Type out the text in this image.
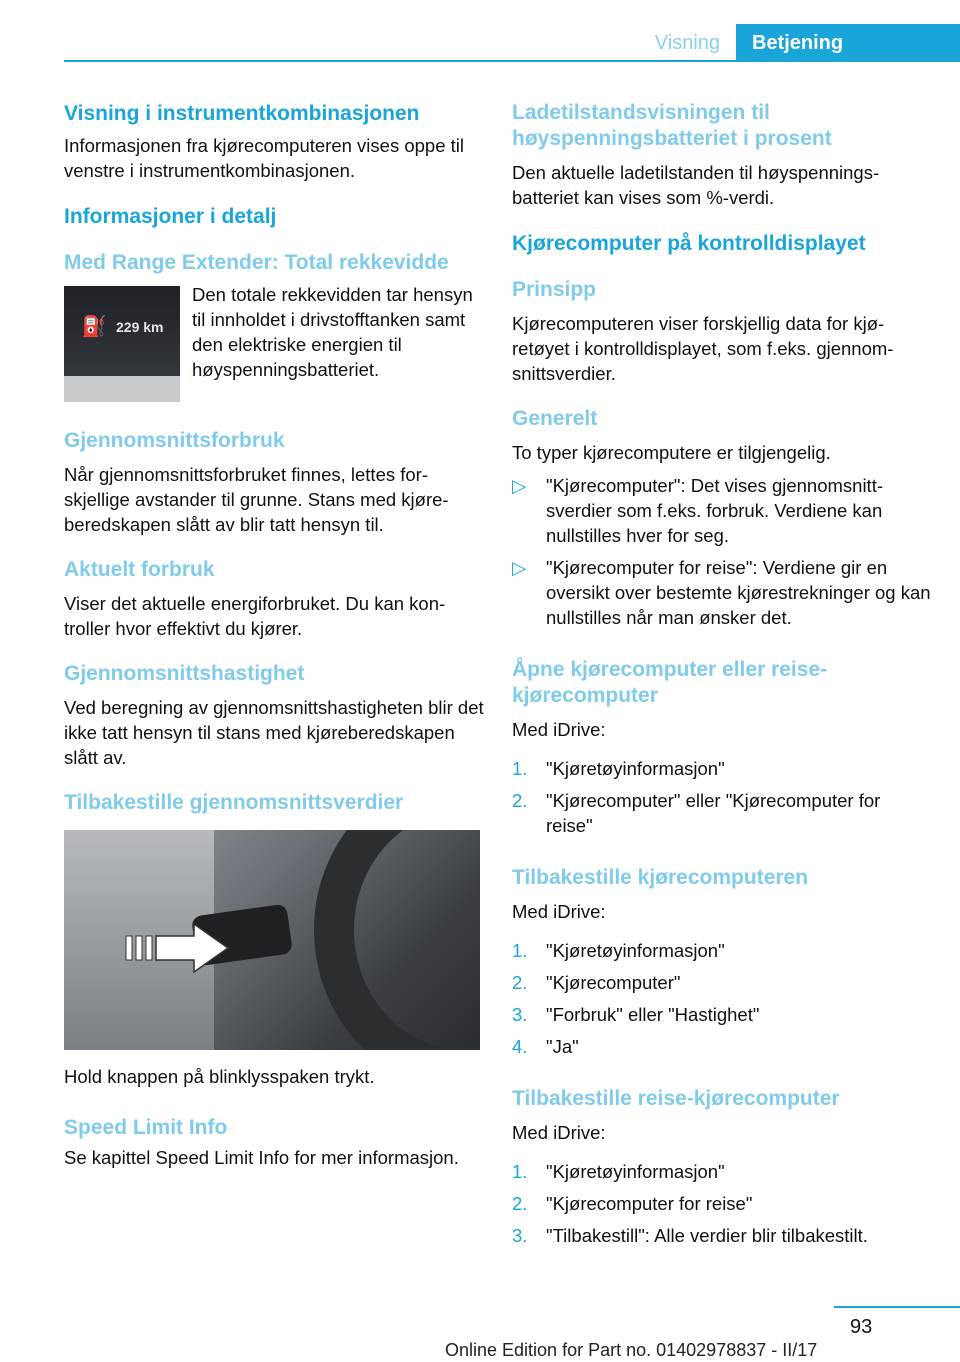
Visning	Betjening
Visning i instrumentkombinasjonen

Informasjonen fra kjørecomputeren vises oppe til venstre i instrumentkombinasjonen.

Informasjoner i detalj
Med Range Extender: Total rekkevidde
⛽ 229 km

Den totale rekkevidden tar hensyn til innholdet i drivstofftanken samt den elektriske energien til høyspenningsbatteriet.

Gjennomsnittsforbruk

Når gjennomsnittsforbruket finnes, lettes forskjellige avstander til grunne. Stans med kjøreberedskapen slått av blir tatt hensyn til.

Aktuelt forbruk

Viser det aktuelle energiforbruket. Du kan kontroller hvor effektivt du kjører.

Gjennomsnittshastighet

Ved beregning av gjennomsnittshastigheten blir det ikke tatt hensyn til stans med kjøreberedskapen slått av.

Tilbakestille gjennomsnittsverdier

Hold knappen på blinklysspaken trykt.

Speed Limit Info

Se kapittel Speed Limit Info for mer informasjon.

Ladetilstandsvisningen til høyspenningsbatteriet i prosent

Den aktuelle ladetilstanden til høyspenningsbatteriet kan vises som %-verdi.

Kjørecomputer på kontrolldisplayet
Prinsipp

Kjørecomputeren viser forskjellig data for kjøretøyet i kontrolldisplayet, som f.eks. gjennomsnittsverdier.

Generelt

To typer kjørecomputere er tilgjengelig.

▷ "Kjørecomputer": Det vises gjennomsnittsverdier som f.eks. forbruk. Verdiene kan nullstilles hver for seg.
▷ "Kjørecomputer for reise": Verdiene gir en oversikt over bestemte kjørestrekninger og kan nullstilles når man ønsker det.
Åpne kjørecomputer eller reise-kjørecomputer

Med iDrive:

1. "Kjøretøyinformasjon"
2. "Kjørecomputer" eller "Kjørecomputer for reise"
Tilbakestille kjørecomputeren

Med iDrive:

1. "Kjøretøyinformasjon"
2. "Kjørecomputer"
3. "Forbruk" eller "Hastighet"
4. "Ja"
Tilbakestille reise-kjørecomputer

Med iDrive:

1. "Kjøretøyinformasjon"
2. "Kjørecomputer for reise"
3. "Tilbakestill": Alle verdier blir tilbakestilt.
93
Online Edition for Part no. 01402978837 - II/17
